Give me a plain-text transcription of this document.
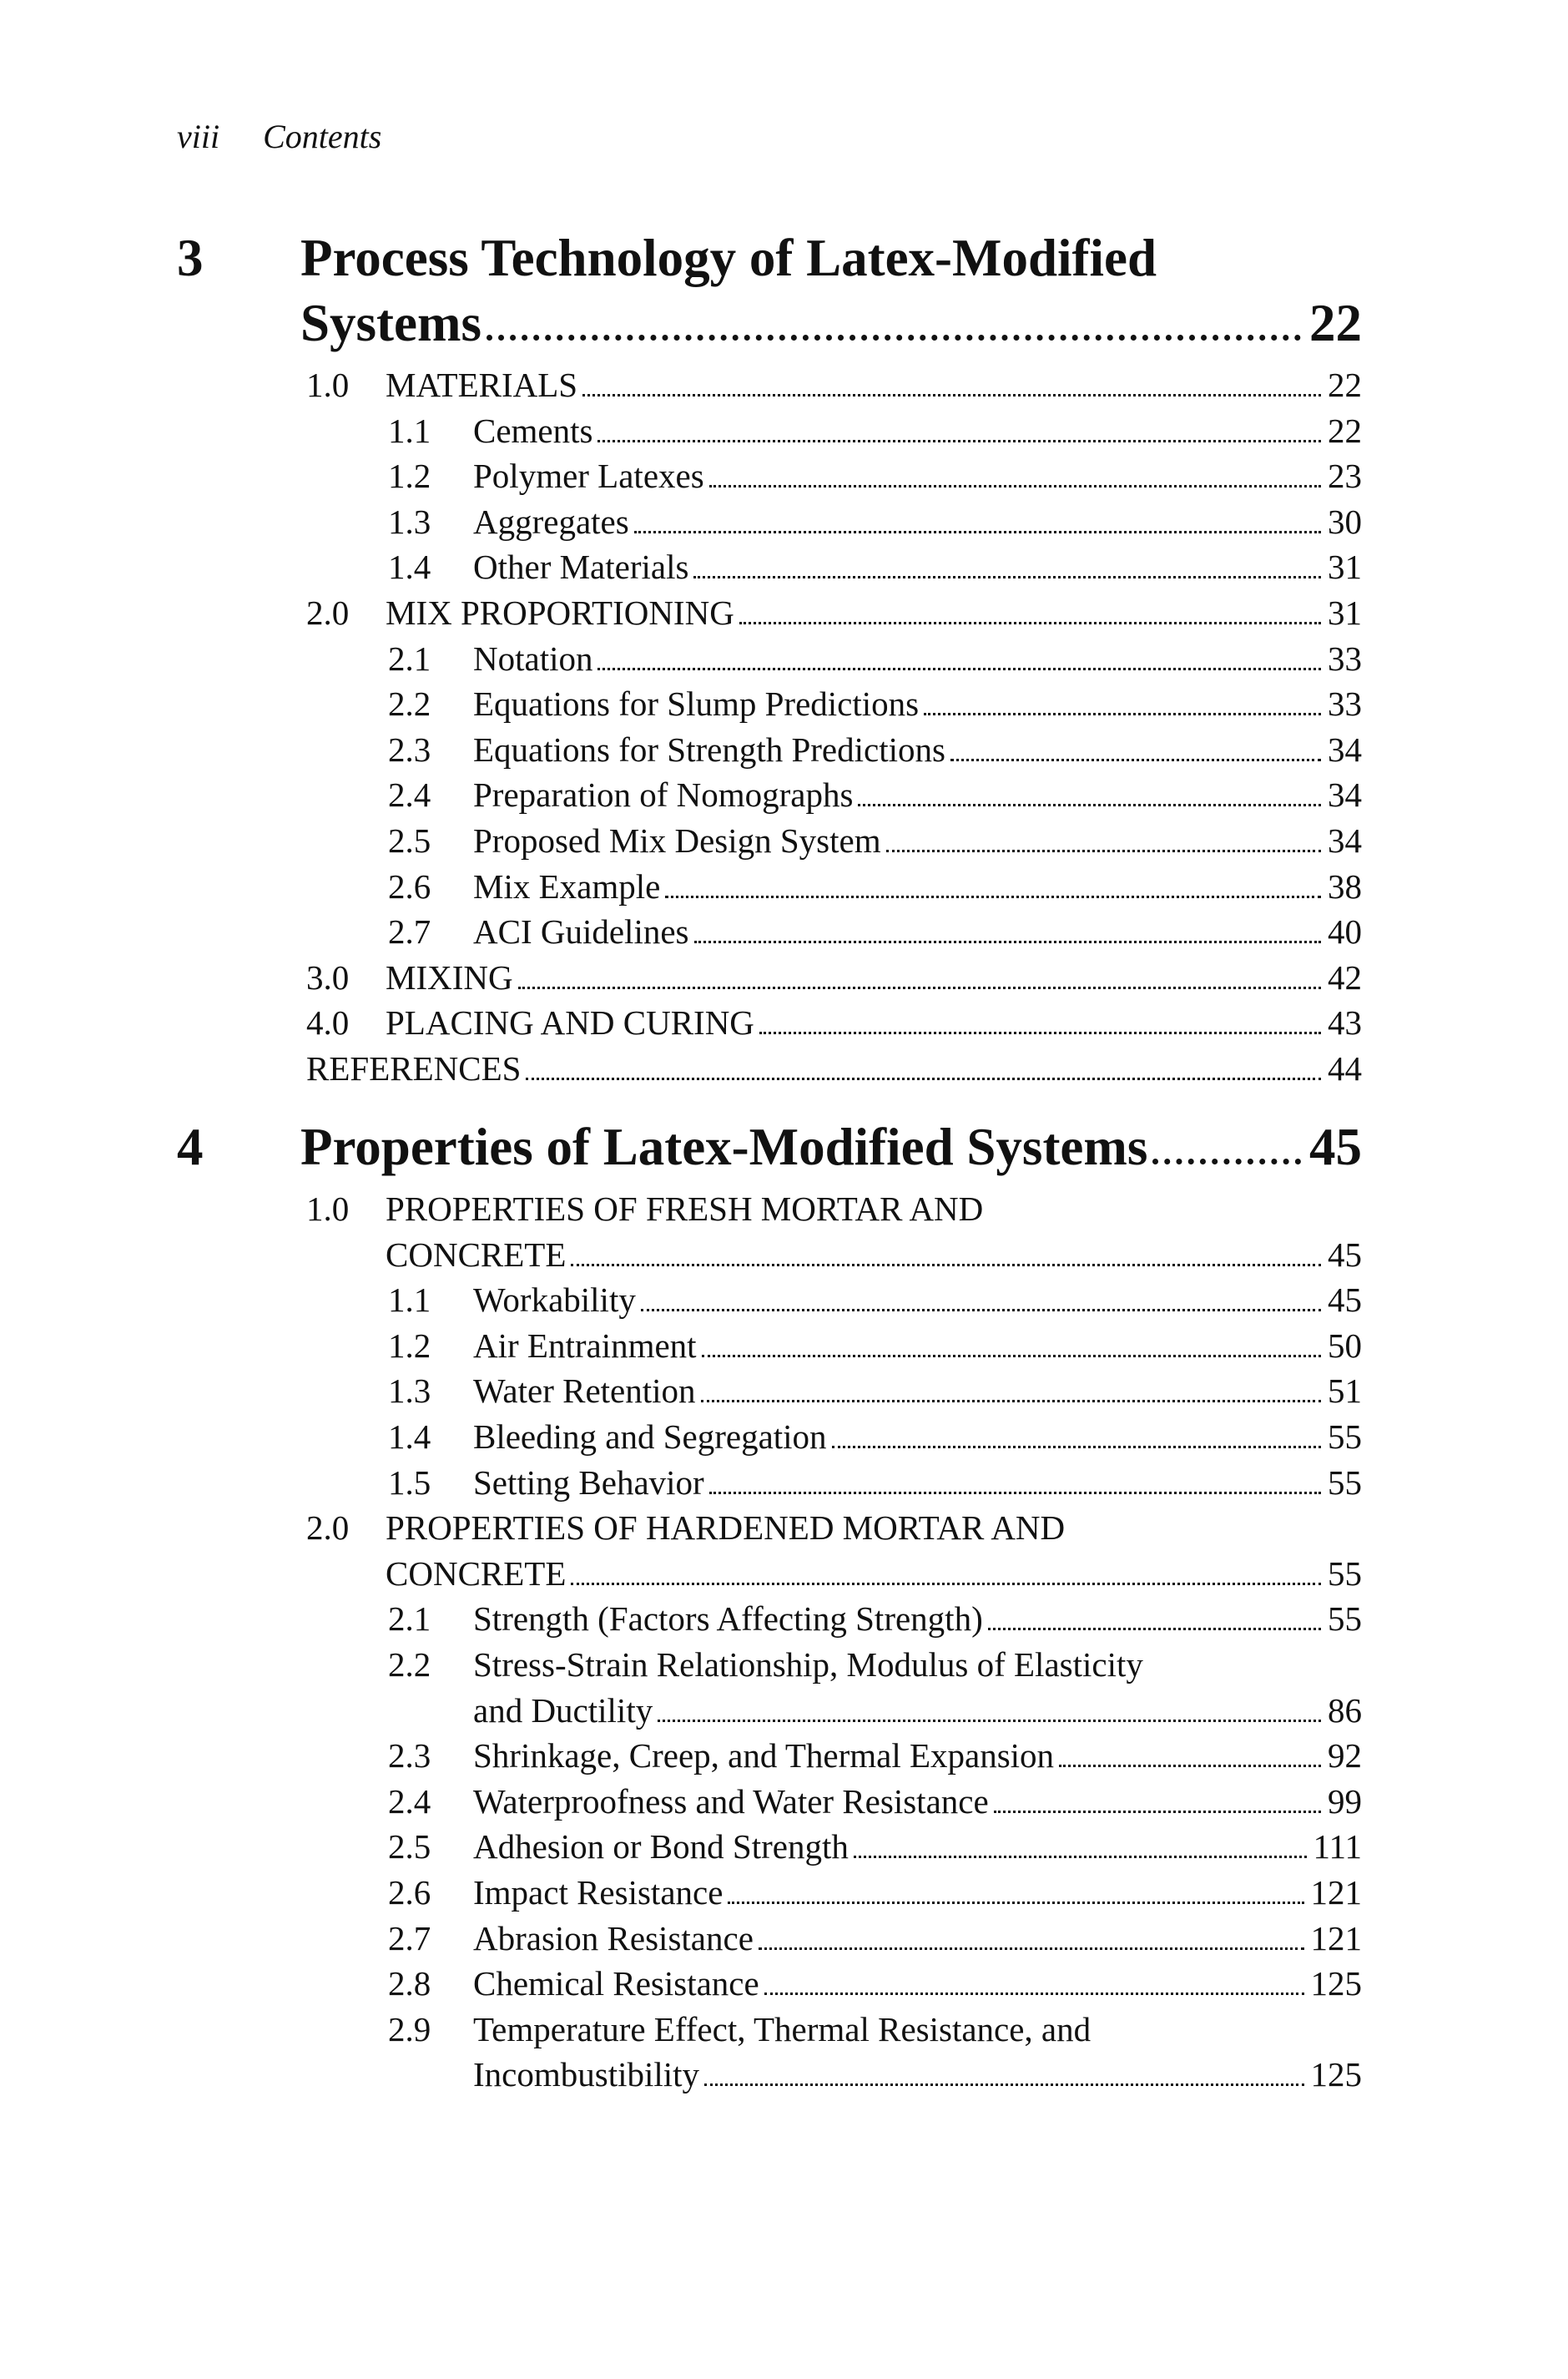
viii Contents
3 Process Technology of Latex-Modified
Systems	22
1.0 MATERIALS	22
1.1 Cements	22
1.2 Polymer Latexes	23
1.3 Aggregates	30
1.4 Other Materials	31
2.0 MIX PROPORTIONING	31
2.1 Notation	33
2.2 Equations for Slump Predictions	33
2.3 Equations for Strength Predictions	34
2.4 Preparation of Nomographs	34
2.5 Proposed Mix Design System	34
2.6 Mix Example	38
2.7 ACI Guidelines	40
3.0 MIXING	42
4.0 PLACING AND CURING	43
REFERENCES	44
4 Properties of Latex-Modified Systems	45
1.0 PROPERTIES OF FRESH MORTAR AND
CONCRETE	45
1.1 Workability	45
1.2 Air Entrainment	50
1.3 Water Retention	51
1.4 Bleeding and Segregation	55
1.5 Setting Behavior	55
2.0 PROPERTIES OF HARDENED MORTAR AND
CONCRETE	55
2.1 Strength (Factors Affecting Strength)	55
2.2 Stress-Strain Relationship, Modulus of Elasticity
and Ductility	86
2.3 Shrinkage, Creep, and Thermal Expansion	92
2.4 Waterproofness and Water Resistance	99
2.5 Adhesion or Bond Strength	111
2.6 Impact Resistance	121
2.7 Abrasion Resistance	121
2.8 Chemical Resistance	125
2.9 Temperature Effect, Thermal Resistance, and
Incombustibility	125
